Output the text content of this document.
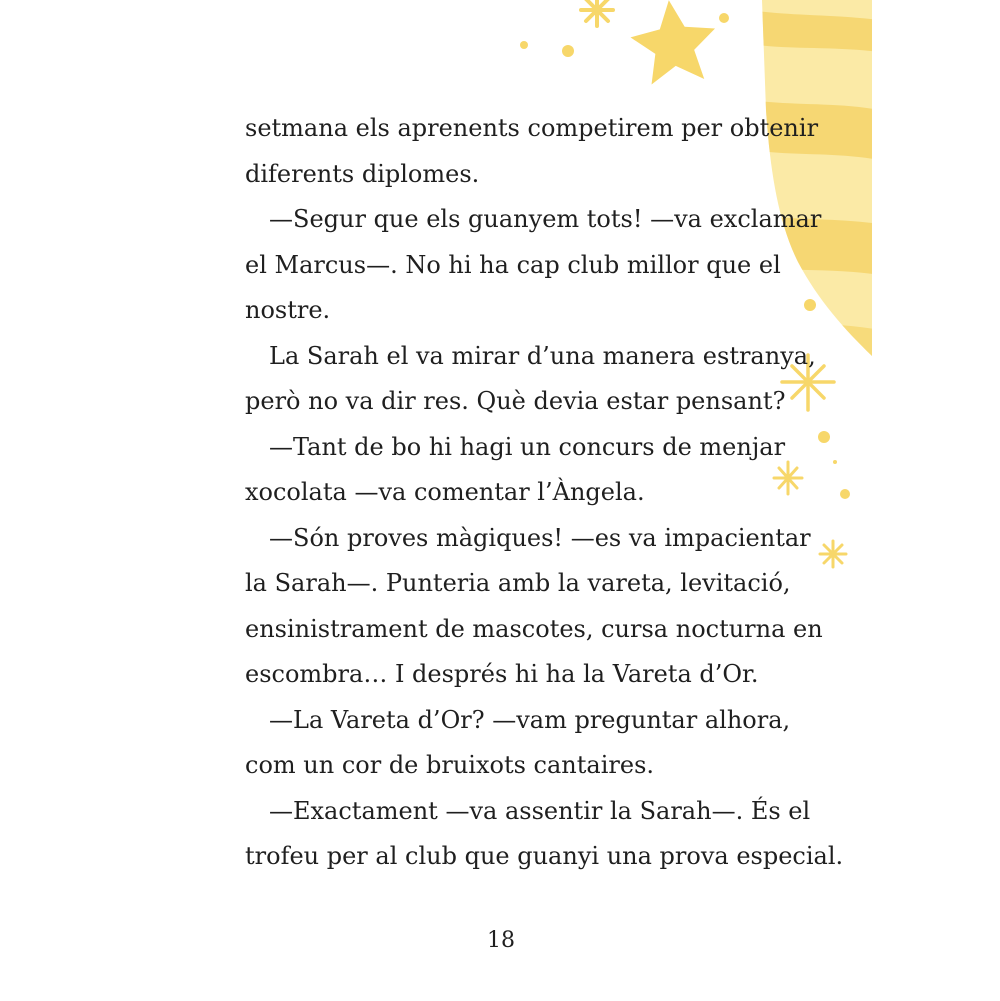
setmana els aprenents competirem per obtenir
diferents diplomes.
—Segur que els guanyem tots! —va exclamar
el Marcus—. No hi ha cap club millor que el
nostre.
La Sarah el va mirar d’una manera estranya,
però no va dir res. Què devia estar pensant?
—Tant de bo hi hagi un concurs de menjar
xocolata —va comentar l’Àngela.
—Són proves màgiques! —es va impacientar
la Sarah—. Punteria amb la vareta, levitació,
ensinistrament de mascotes, cursa nocturna en
escombra… I després hi ha la Vareta d’Or.
—La Vareta d’Or? —vam preguntar alhora,
com un cor de bruixots cantaires.
—Exactament —va assentir la Sarah—. És el
trofeu per al club que guanyi una prova especial.
18
